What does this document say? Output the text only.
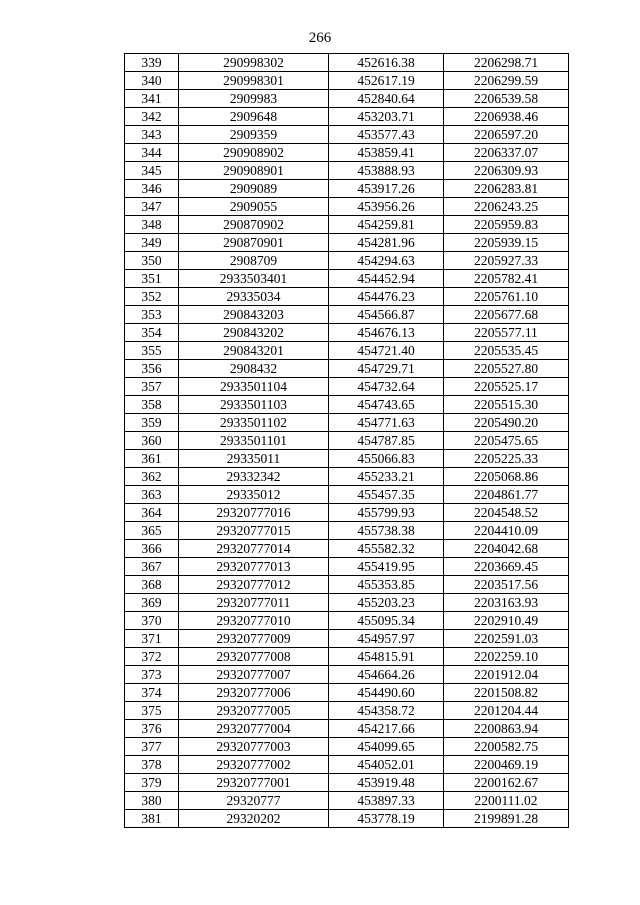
266
339	290998302	452616.38	2206298.71
340	290998301	452617.19	2206299.59
341	2909983	452840.64	2206539.58
342	2909648	453203.71	2206938.46
343	2909359	453577.43	2206597.20
344	290908902	453859.41	2206337.07
345	290908901	453888.93	2206309.93
346	2909089	453917.26	2206283.81
347	2909055	453956.26	2206243.25
348	290870902	454259.81	2205959.83
349	290870901	454281.96	2205939.15
350	2908709	454294.63	2205927.33
351	2933503401	454452.94	2205782.41
352	29335034	454476.23	2205761.10
353	290843203	454566.87	2205677.68
354	290843202	454676.13	2205577.11
355	290843201	454721.40	2205535.45
356	2908432	454729.71	2205527.80
357	2933501104	454732.64	2205525.17
358	2933501103	454743.65	2205515.30
359	2933501102	454771.63	2205490.20
360	2933501101	454787.85	2205475.65
361	29335011	455066.83	2205225.33
362	29332342	455233.21	2205068.86
363	29335012	455457.35	2204861.77
364	29320777016	455799.93	2204548.52
365	29320777015	455738.38	2204410.09
366	29320777014	455582.32	2204042.68
367	29320777013	455419.95	2203669.45
368	29320777012	455353.85	2203517.56
369	29320777011	455203.23	2203163.93
370	29320777010	455095.34	2202910.49
371	29320777009	454957.97	2202591.03
372	29320777008	454815.91	2202259.10
373	29320777007	454664.26	2201912.04
374	29320777006	454490.60	2201508.82
375	29320777005	454358.72	2201204.44
376	29320777004	454217.66	2200863.94
377	29320777003	454099.65	2200582.75
378	29320777002	454052.01	2200469.19
379	29320777001	453919.48	2200162.67
380	29320777	453897.33	2200111.02
381	29320202	453778.19	2199891.28
